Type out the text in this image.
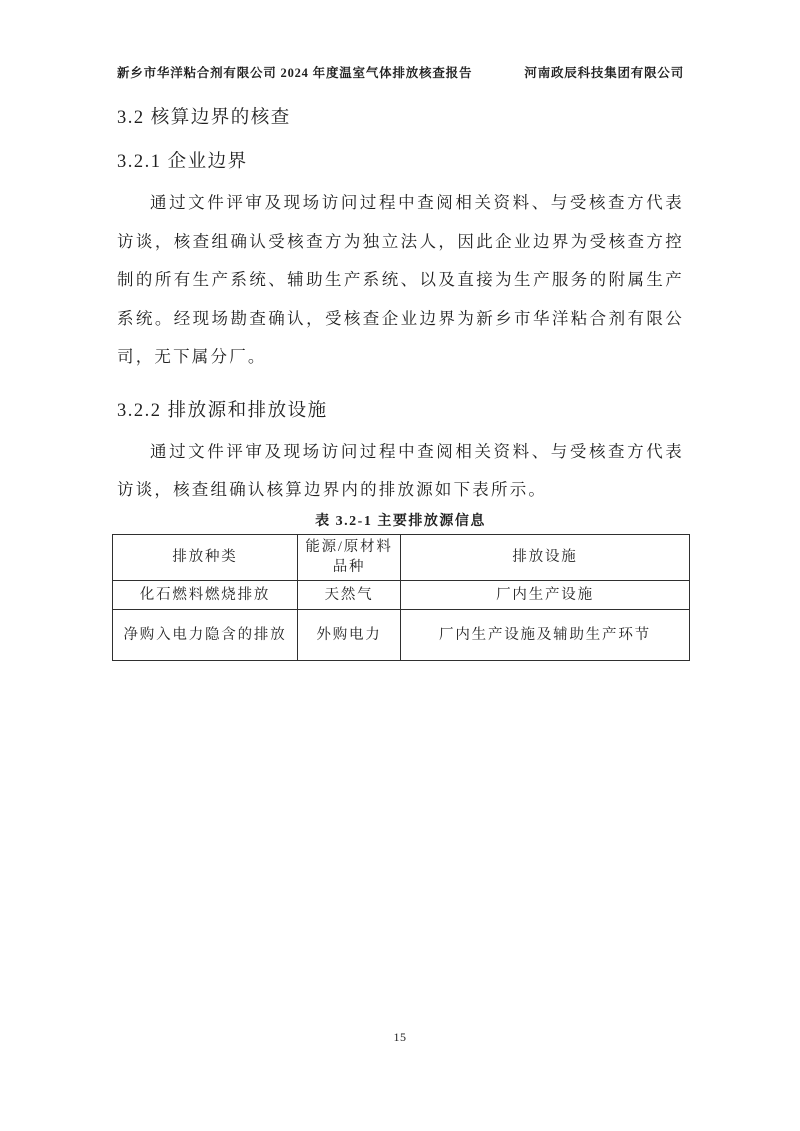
新乡市华洋粘合剂有限公司 2024 年度温室气体排放核查报告	河南政辰科技集团有限公司
3.2 核算边界的核查
3.2.1 企业边界

通过文件评审及现场访问过程中查阅相关资料、与受核查方代表访谈，核查组确认受核查方为独立法人，因此企业边界为受核查方控制的所有生产系统、辅助生产系统、以及直接为生产服务的附属生产系统。经现场勘查确认，受核查企业边界为新乡市华洋粘合剂有限公司，无下属分厂。

3.2.2 排放源和排放设施

通过文件评审及现场访问过程中查阅相关资料、与受核查方代表访谈，核查组确认核算边界内的排放源如下表所示。

表 3.2-1 主要排放源信息
排放种类	能源/原材料品种	排放设施
化石燃料燃烧排放	天然气	厂内生产设施
净购入电力隐含的排放	外购电力	厂内生产设施及辅助生产环节
15
